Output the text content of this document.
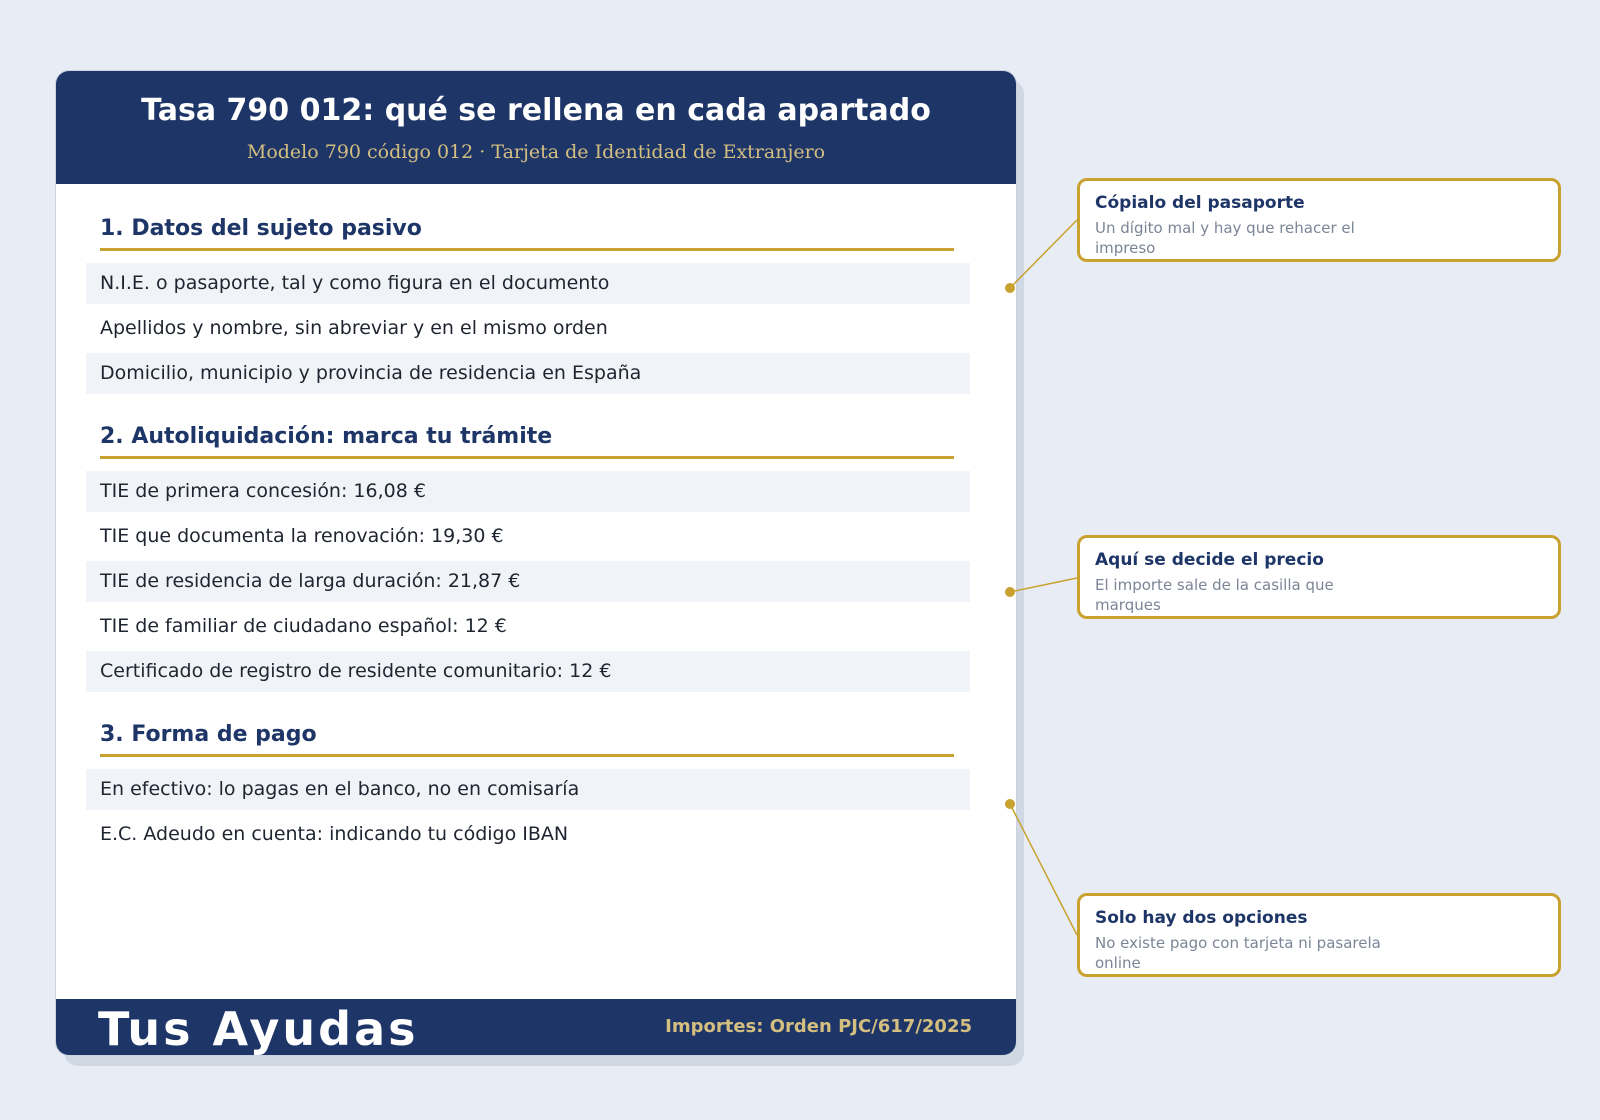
Tasa 790 012: qué se rellena en cada apartado
Modelo 790 código 012 · Tarjeta de Identidad de Extranjero
1. Datos del sujeto pasivo
N.I.E. o pasaporte, tal y como figura en el documento
Apellidos y nombre, sin abreviar y en el mismo orden
Domicilio, municipio y provincia de residencia en España
2. Autoliquidación: marca tu trámite
TIE de primera concesión: 16,08 €
TIE que documenta la renovación: 19,30 €
TIE de residencia de larga duración: 21,87 €
TIE de familiar de ciudadano español: 12 €
Certificado de registro de residente comunitario: 12 €
3. Forma de pago
En efectivo: lo pagas en el banco, no en comisaría
E.C. Adeudo en cuenta: indicando tu código IBAN
Tus Ayudas	Importes: Orden PJC/617/2025
Cópialo del pasaporte
Un dígito mal y hay que rehacer el impreso
Aquí se decide el precio
El importe sale de la casilla que marques
Solo hay dos opciones
No existe pago con tarjeta ni pasarela online
